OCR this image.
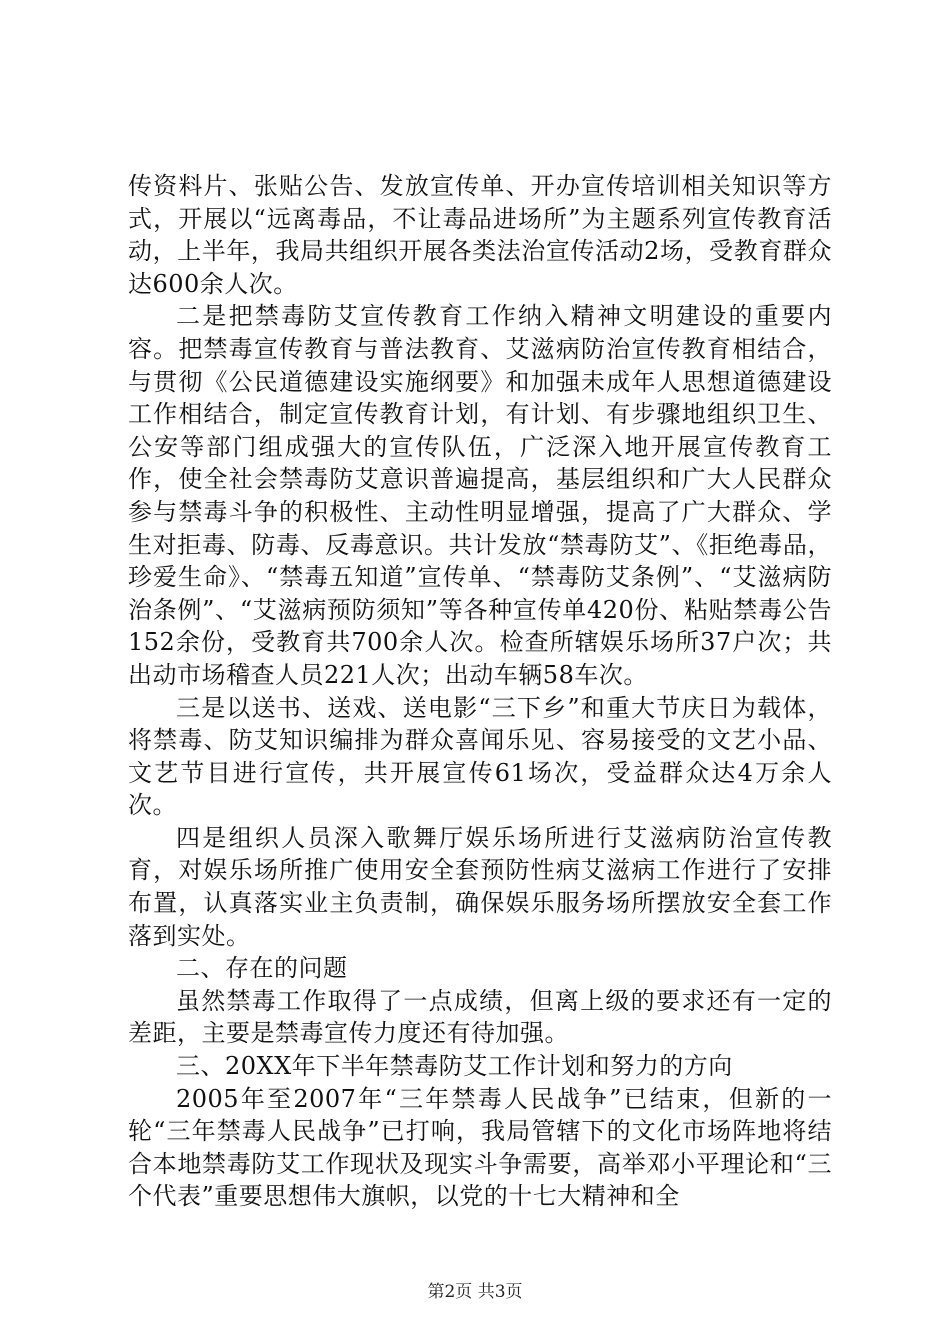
传资料片、张贴公告、发放宣传单、开办宣传培训相关知识等方式，开展以“远离毒品，不让毒品进场所”为主题系列宣传教育活动，上半年，我局共组织开展各类法治宣传活动2场，受教育群众达600余人次。

二是把禁毒防艾宣传教育工作纳入精神文明建设的重要内容。把禁毒宣传教育与普法教育、艾滋病防治宣传教育相结合，与贯彻《公民道德建设实施纲要》和加强未成年人思想道德建设工作相结合，制定宣传教育计划，有计划、有步骤地组织卫生、公安等部门组成强大的宣传队伍，广泛深入地开展宣传教育工作，使全社会禁毒防艾意识普遍提高，基层组织和广大人民群众参与禁毒斗争的积极性、主动性明显增强，提高了广大群众、学生对拒毒、防毒、反毒意识。共计发放“禁毒防艾”、《拒绝毒品，珍爱生命》、“禁毒五知道”宣传单、“禁毒防艾条例”、“艾滋病防治条例”、“艾滋病预防须知”等各种宣传单420份、粘贴禁毒公告152余份，受教育共700余人次。检查所辖娱乐场所37户次；共出动市场稽查人员221人次；出动车辆58车次。

三是以送书、送戏、送电影“三下乡”和重大节庆日为载体，将禁毒、防艾知识编排为群众喜闻乐见、容易接受的文艺小品、文艺节目进行宣传，共开展宣传61场次，受益群众达4万余人次。

四是组织人员深入歌舞厅娱乐场所进行艾滋病防治宣传教育，对娱乐场所推广使用安全套预防性病艾滋病工作进行了安排布置，认真落实业主负责制，确保娱乐服务场所摆放安全套工作落到实处。

二、存在的问题

虽然禁毒工作取得了一点成绩，但离上级的要求还有一定的差距，主要是禁毒宣传力度还有待加强。

三、20XX年下半年禁毒防艾工作计划和努力的方向

2005年至2007年“三年禁毒人民战争”已结束，但新的一轮“三年禁毒人民战争”已打响，我局管辖下的文化市场阵地将结合本地禁毒防艾工作现状及现实斗争需要，高举邓小平理论和“三个代表”重要思想伟大旗帜，以党的十七大精神和全

第2页 共3页
